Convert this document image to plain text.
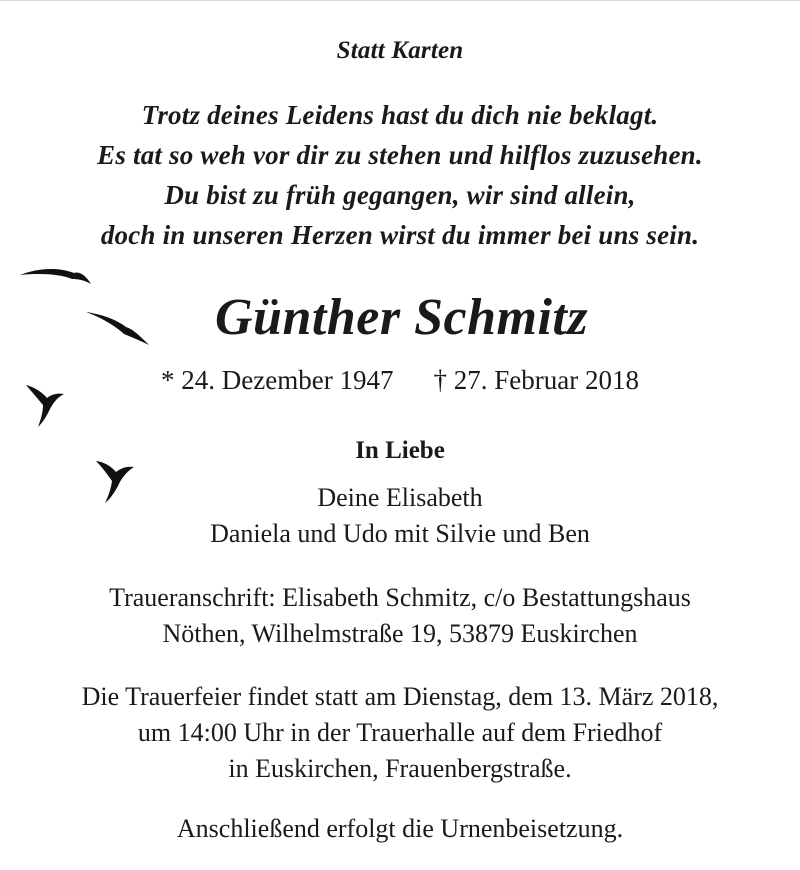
Statt Karten

Trotz deines Leidens hast du dich nie beklagt.

Es tat so weh vor dir zu stehen und hilflos zuzusehen.

Du bist zu früh gegangen, wir sind allein,

doch in unseren Herzen wirst du immer bei uns sein.

Günther Schmitz

* 24. Dezember 1947 † 27. Februar 2018

In Liebe

Deine Elisabeth

Daniela und Udo mit Silvie und Ben

Traueranschrift: Elisabeth Schmitz, c/o Bestattungshaus

Nöthen, Wilhelmstraße 19, 53879 Euskirchen

Die Trauerfeier findet statt am Dienstag, dem 13. März 2018,

um 14:00 Uhr in der Trauerhalle auf dem Friedhof

in Euskirchen, Frauenbergstraße.

Anschließend erfolgt die Urnenbeisetzung.
